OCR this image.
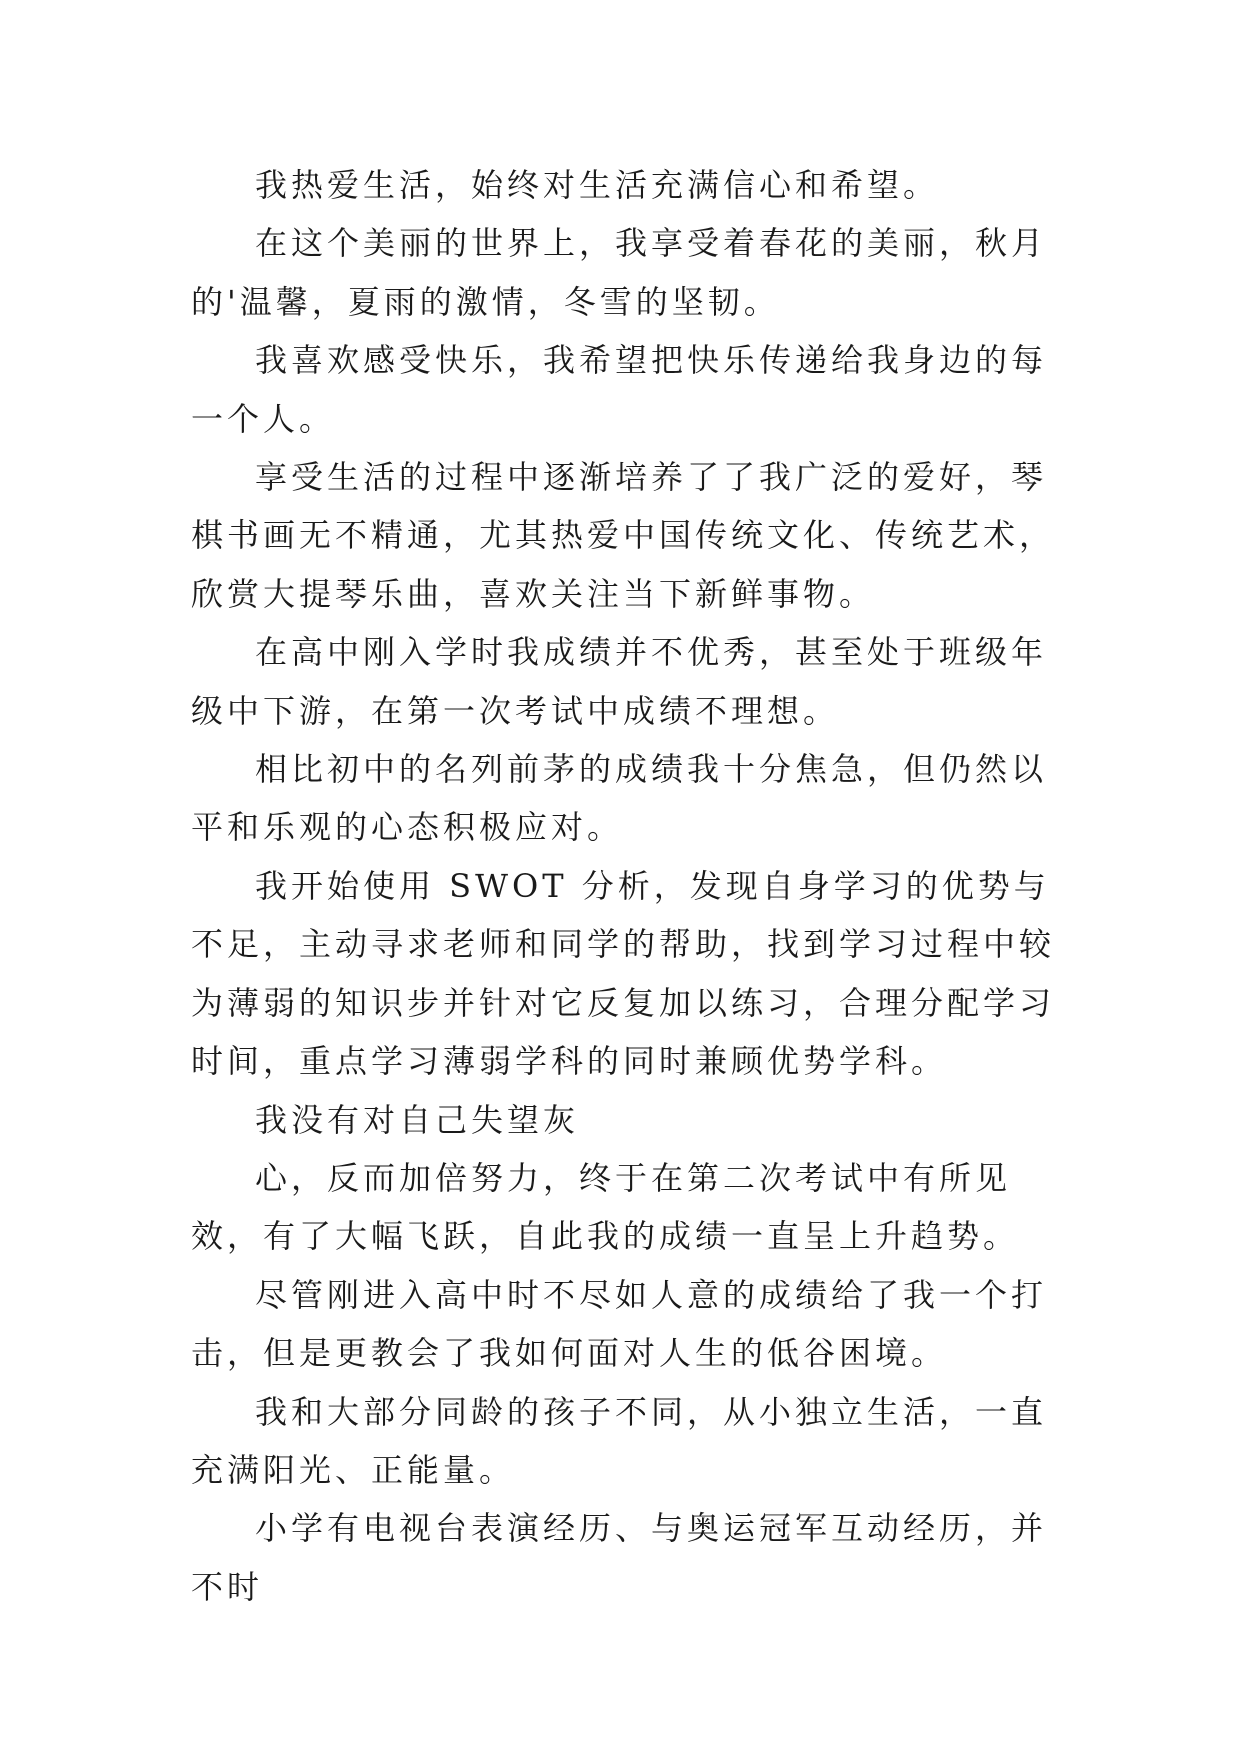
我热爱生活，始终对生活充满信心和希望。

在这个美丽的世界上，我享受着春花的美丽，秋月的'温馨，夏雨的激情，冬雪的坚韧。

我喜欢感受快乐，我希望把快乐传递给我身边的每一个人。

享受生活的过程中逐渐培养了了我广泛的爱好，琴棋书画无不精通，尤其热爱中国传统文化、传统艺术，欣赏大提琴乐曲，喜欢关注当下新鲜事物。

在高中刚入学时我成绩并不优秀，甚至处于班级年级中下游，在第一次考试中成绩不理想。

相比初中的名列前茅的成绩我十分焦急，但仍然以平和乐观的心态积极应对。

我开始使用 SWOT 分析，发现自身学习的优势与不足，主动寻求老师和同学的帮助，找到学习过程中较为薄弱的知识步并针对它反复加以练习，合理分配学习时间，重点学习薄弱学科的同时兼顾优势学科。

我没有对自己失望灰

心，反而加倍努力，终于在第二次考试中有所见效，有了大幅飞跃，自此我的成绩一直呈上升趋势。

尽管刚进入高中时不尽如人意的成绩给了我一个打击，但是更教会了我如何面对人生的低谷困境。

我和大部分同龄的孩子不同，从小独立生活，一直充满阳光、正能量。

小学有电视台表演经历、与奥运冠军互动经历，并不时
